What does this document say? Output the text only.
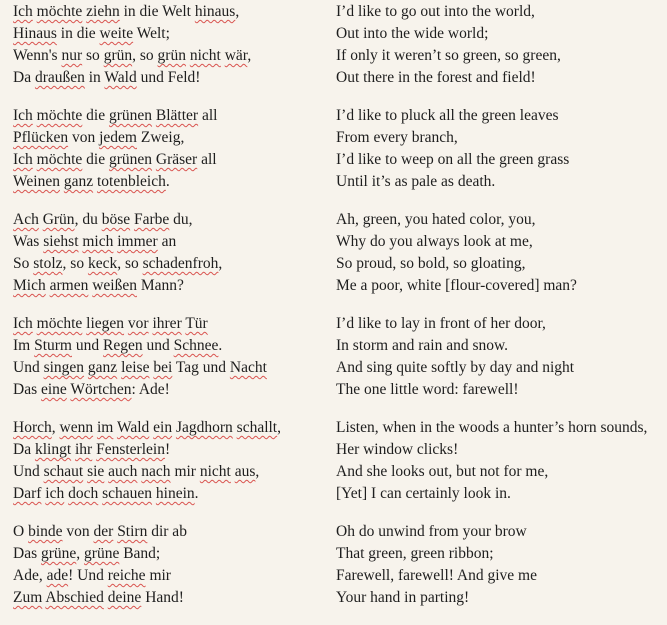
Ich möchte ziehn in die Welt hinaus,
Hinaus in die weite Welt;
Wenn's nur so grün, so grün nicht wär,
Da draußen in Wald und Feld!
Ich möchte die grünen Blätter all
Pflücken von jedem Zweig,
Ich möchte die grünen Gräser all
Weinen ganz totenbleich.
Ach Grün, du böse Farbe du,
Was siehst mich immer an
So stolz, so keck, so schadenfroh,
Mich armen weißen Mann?
Ich möchte liegen vor ihrer Tür
Im Sturm und Regen und Schnee.
Und singen ganz leise bei Tag und Nacht
Das eine Wörtchen: Ade!
Horch, wenn im Wald ein Jagdhorn schallt,
Da klingt ihr Fensterlein!
Und schaut sie auch nach mir nicht aus,
Darf ich doch schauen hinein.
O binde von der Stirn dir ab
Das grüne, grüne Band;
Ade, ade! Und reiche mir
Zum Abschied deine Hand!
I’d like to go out into the world,
Out into the wide world;
If only it weren’t so green, so green,
Out there in the forest and field!
I’d like to pluck all the green leaves
From every branch,
I’d like to weep on all the green grass
Until it’s as pale as death.
Ah, green, you hated color, you,
Why do you always look at me,
So proud, so bold, so gloating,
Me a poor, white [flour-covered] man?
I’d like to lay in front of her door,
In storm and rain and snow.
And sing quite softly by day and night
The one little word: farewell!
Listen, when in the woods a hunter’s horn sounds,
Her window clicks!
And she looks out, but not for me,
[Yet] I can certainly look in.
Oh do unwind from your brow
That green, green ribbon;
Farewell, farewell! And give me
Your hand in parting!
